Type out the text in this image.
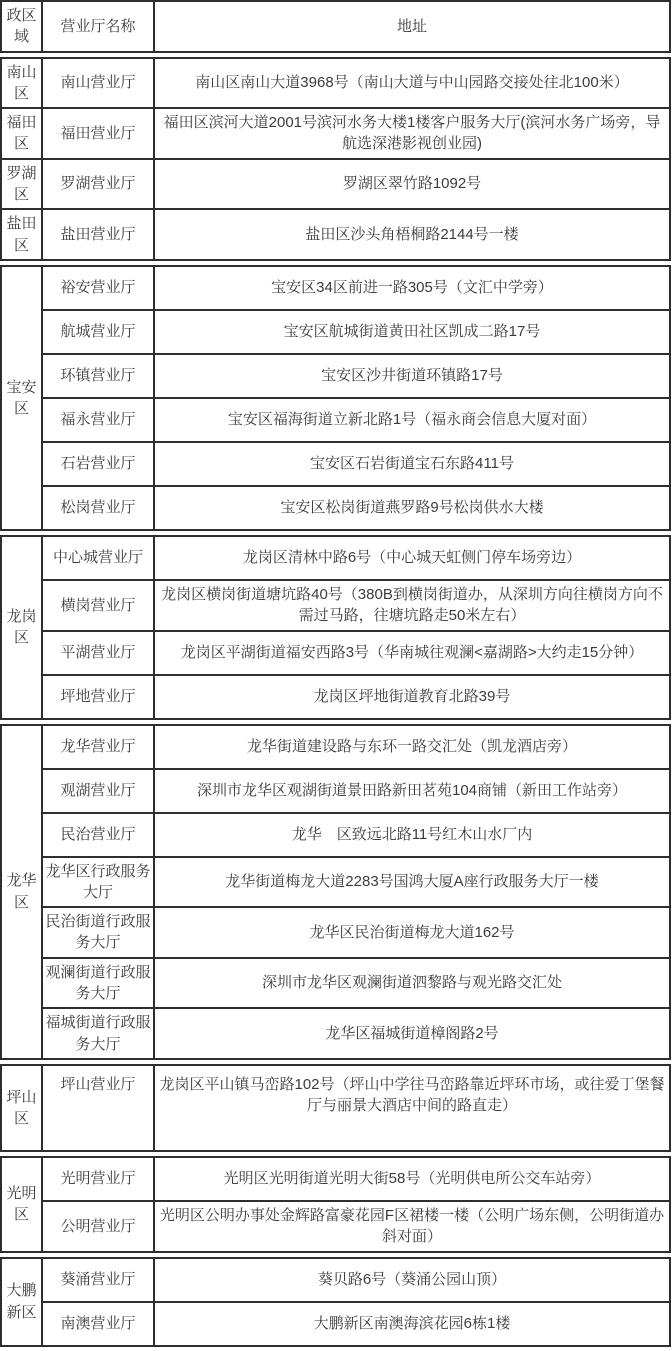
政区域	营业厅名称	地址
南山区	南山营业厅	南山区南山大道3968号（南山大道与中山园路交接处往北100米）
福田区	福田营业厅	福田区滨河大道2001号滨河水务大楼1楼客户服务大厅(滨河水务广场旁，导航选深港影视创业园)
罗湖区	罗湖营业厅	罗湖区翠竹路1092号
盐田区	盐田营业厅	盐田区沙头角梧桐路2144号一楼
宝安区	裕安营业厅	宝安区34区前进一路305号（文汇中学旁）
	航城营业厅	宝安区航城街道黄田社区凯成二路17号
	环镇营业厅	宝安区沙井街道环镇路17号
	福永营业厅	宝安区福海街道立新北路1号（福永商会信息大厦对面）
	石岩营业厅	宝安区石岩街道宝石东路411号
	松岗营业厅	宝安区松岗街道燕罗路9号松岗供水大楼
龙岗区	中心城营业厅	龙岗区清林中路6号（中心城天虹侧门停车场旁边）
	横岗营业厅	龙岗区横岗街道塘坑路40号（380B到横岗街道办，从深圳方向往横岗方向不需过马路，往塘坑路走50米左右）
	平湖营业厅	龙岗区平湖街道福安西路3号（华南城往观澜<嘉湖路>大约走15分钟）
	坪地营业厅	龙岗区坪地街道教育北路39号
龙华区	龙华营业厅	龙华街道建设路与东环一路交汇处（凯龙酒店旁）
	观湖营业厅	深圳市龙华区观湖街道景田路新田茗苑104商铺（新田工作站旁）
	民治营业厅	龙华　区致远北路11号红木山水厂内
	龙华区行政服务大厅	龙华街道梅龙大道2283号国鸿大厦A座行政服务大厅一楼
	民治街道行政服务大厅	龙华区民治街道梅龙大道162号
	观澜街道行政服务大厅	深圳市龙华区观澜街道泗黎路与观光路交汇处
	福城街道行政服务大厅	龙华区福城街道樟阁路2号
坪山区	坪山营业厅	龙岗区平山镇马峦路102号（坪山中学往马峦路靠近坪环市场，或往爱丁堡餐厅与丽景大酒店中间的路直走）
光明区	光明营业厅	光明区光明街道光明大街58号（光明供电所公交车站旁）
	公明营业厅	光明区公明办事处金辉路富豪花园F区裙楼一楼（公明广场东侧，公明街道办斜对面）
大鹏新区	葵涌营业厅	葵贝路6号（葵涌公园山顶）
	南澳营业厅	大鹏新区南澳海滨花园6栋1楼
